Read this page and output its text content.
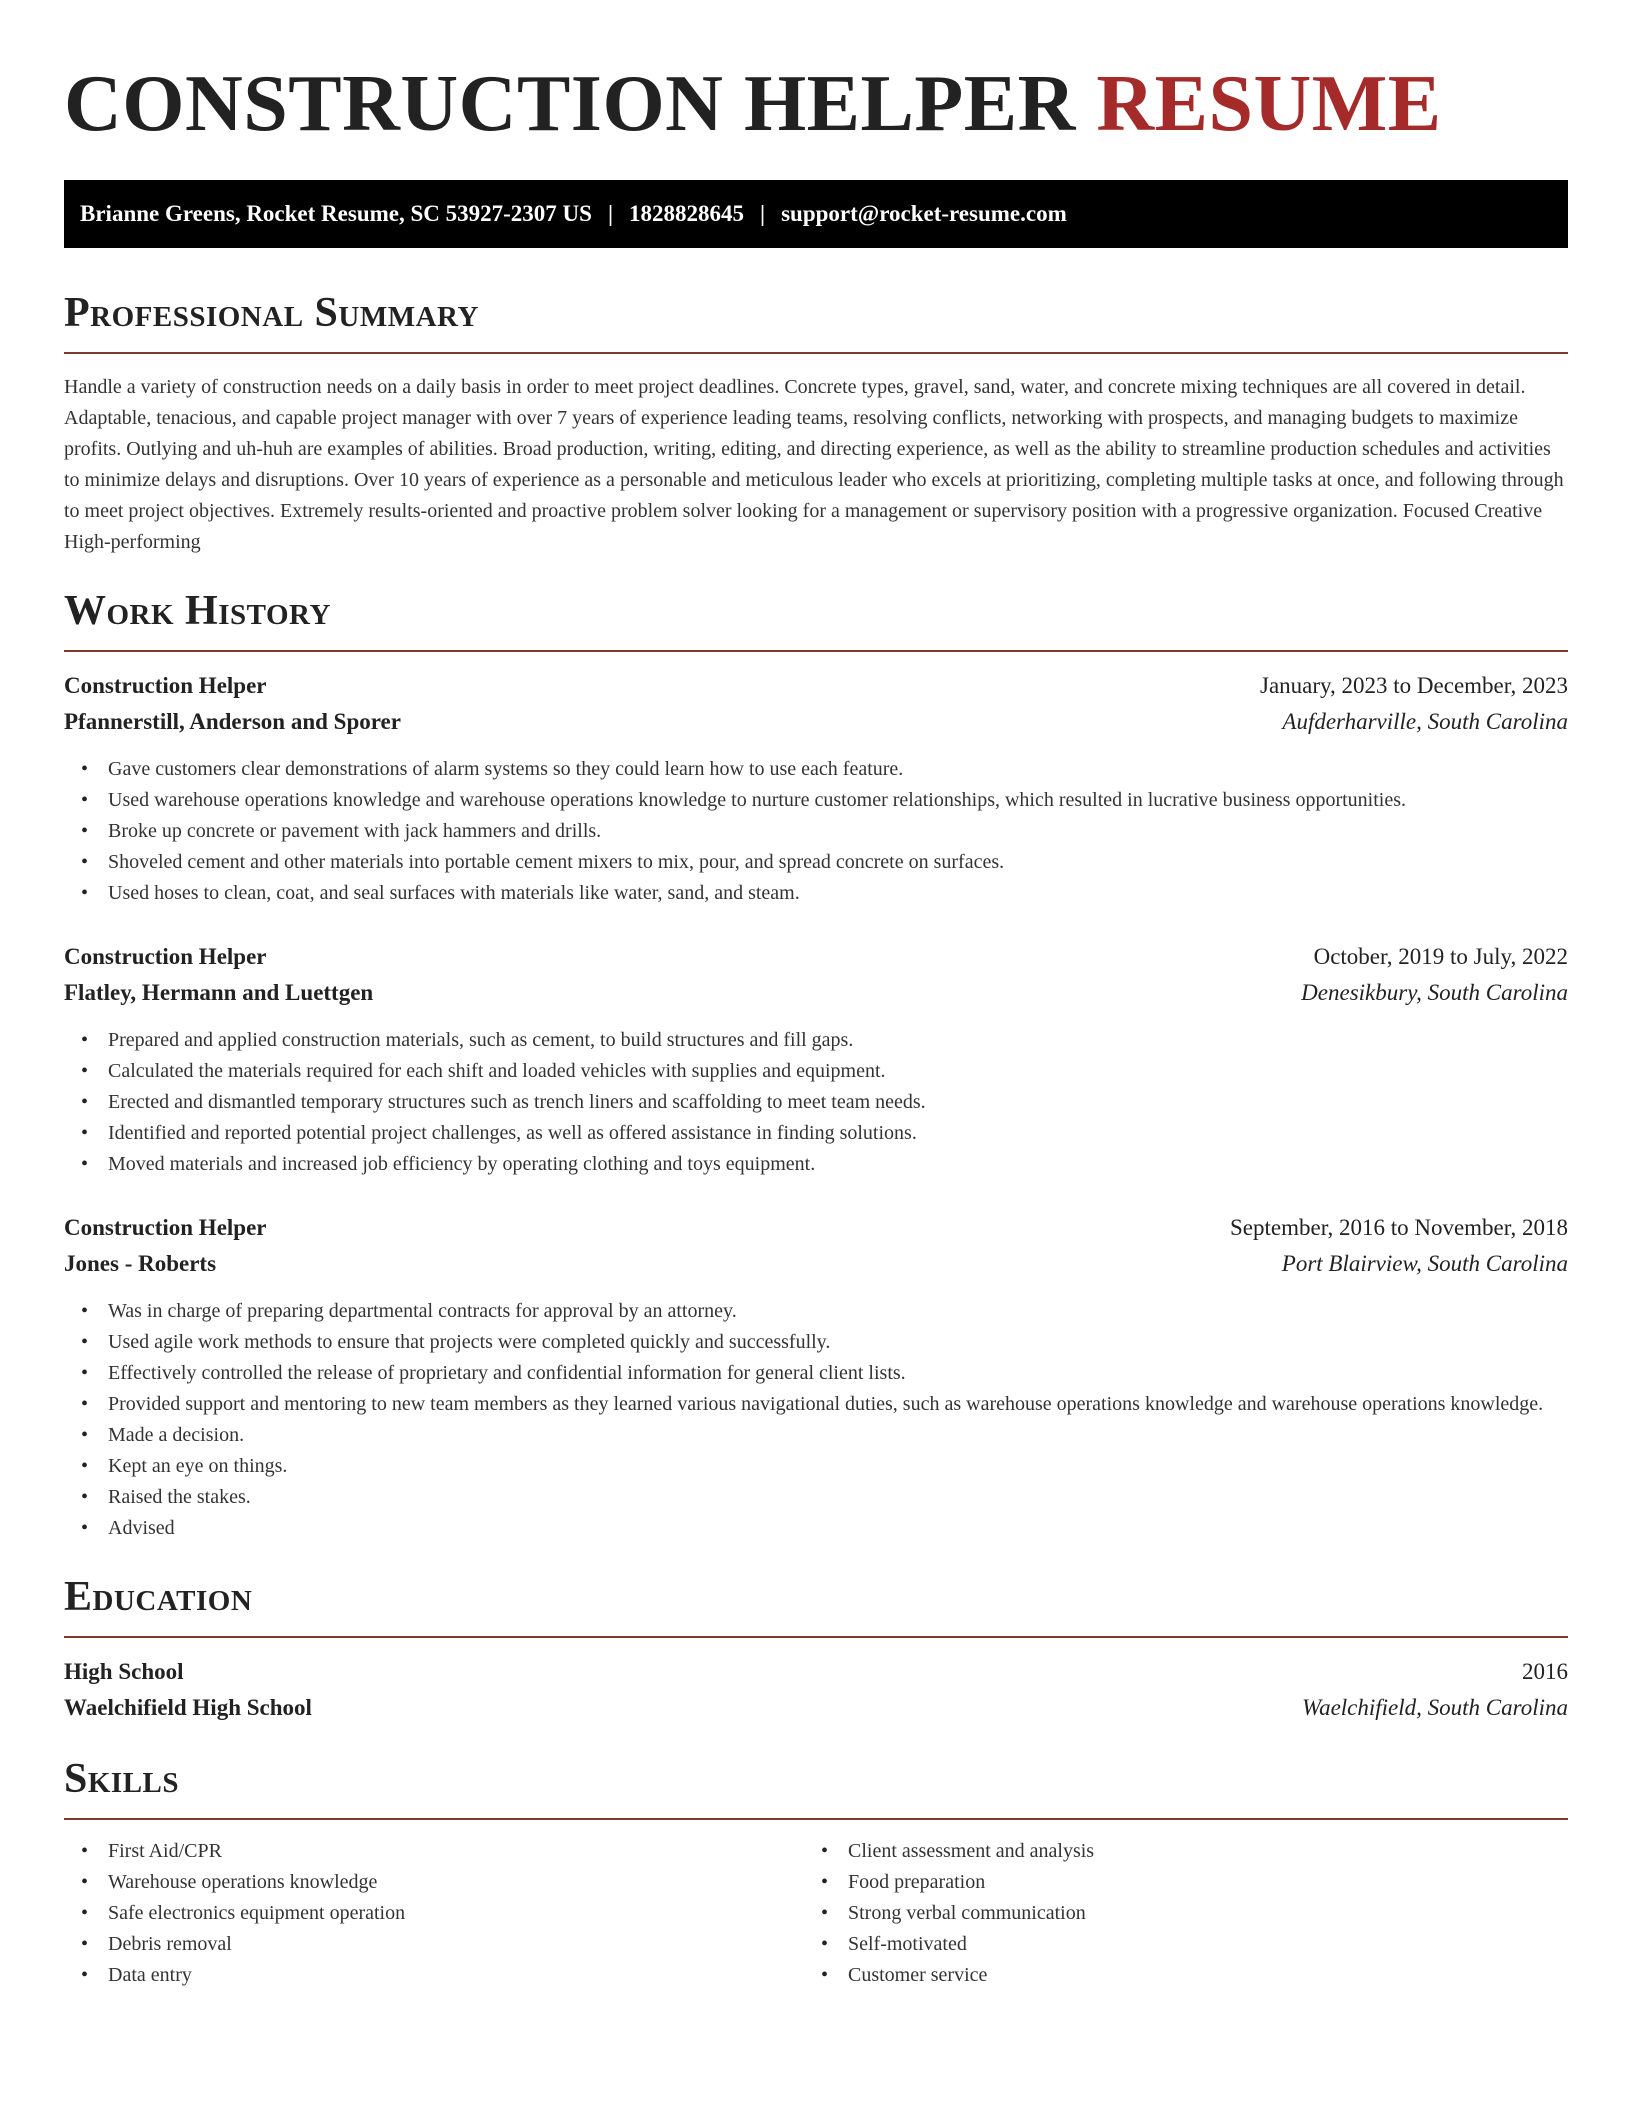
CONSTRUCTION HELPER RESUME
Brianne Greens, Rocket Resume, SC 53927-2307 US | 1828828645 | support@rocket-resume.com
Professional Summary

Handle a variety of construction needs on a daily basis in order to meet project deadlines. Concrete types, gravel, sand, water, and concrete mixing techniques are all covered in detail. Adaptable, tenacious, and capable project manager with over 7 years of experience leading teams, resolving conflicts, networking with prospects, and managing budgets to maximize profits. Outlying and uh-huh are examples of abilities. Broad production, writing, editing, and directing experience, as well as the ability to streamline production schedules and activities to minimize delays and disruptions. Over 10 years of experience as a personable and meticulous leader who excels at prioritizing, completing multiple tasks at once, and following through to meet project objectives. Extremely results-oriented and proactive problem solver looking for a management or supervisory position with a progressive organization. Focused Creative High-performing

Work History
Construction Helper	January, 2023 to December, 2023
Pfannerstill, Anderson and Sporer	Aufderharville, South Carolina
• Gave customers clear demonstrations of alarm systems so they could learn how to use each feature.
• Used warehouse operations knowledge and warehouse operations knowledge to nurture customer relationships, which resulted in lucrative business opportunities.
• Broke up concrete or pavement with jack hammers and drills.
• Shoveled cement and other materials into portable cement mixers to mix, pour, and spread concrete on surfaces.
• Used hoses to clean, coat, and seal surfaces with materials like water, sand, and steam.
Construction Helper	October, 2019 to July, 2022
Flatley, Hermann and Luettgen	Denesikbury, South Carolina
• Prepared and applied construction materials, such as cement, to build structures and fill gaps.
• Calculated the materials required for each shift and loaded vehicles with supplies and equipment.
• Erected and dismantled temporary structures such as trench liners and scaffolding to meet team needs.
• Identified and reported potential project challenges, as well as offered assistance in finding solutions.
• Moved materials and increased job efficiency by operating clothing and toys equipment.
Construction Helper	September, 2016 to November, 2018
Jones - Roberts	Port Blairview, South Carolina
• Was in charge of preparing departmental contracts for approval by an attorney.
• Used agile work methods to ensure that projects were completed quickly and successfully.
• Effectively controlled the release of proprietary and confidential information for general client lists.
• Provided support and mentoring to new team members as they learned various navigational duties, such as warehouse operations knowledge and warehouse operations knowledge.
• Made a decision.
• Kept an eye on things.
• Raised the stakes.
• Advised
Education
High School	2016
Waelchifield High School	Waelchifield, South Carolina
Skills
• First Aid/CPR
• Warehouse operations knowledge
• Safe electronics equipment operation
• Debris removal
• Data entry
• Client assessment and analysis
• Food preparation
• Strong verbal communication
• Self-motivated
• Customer service
